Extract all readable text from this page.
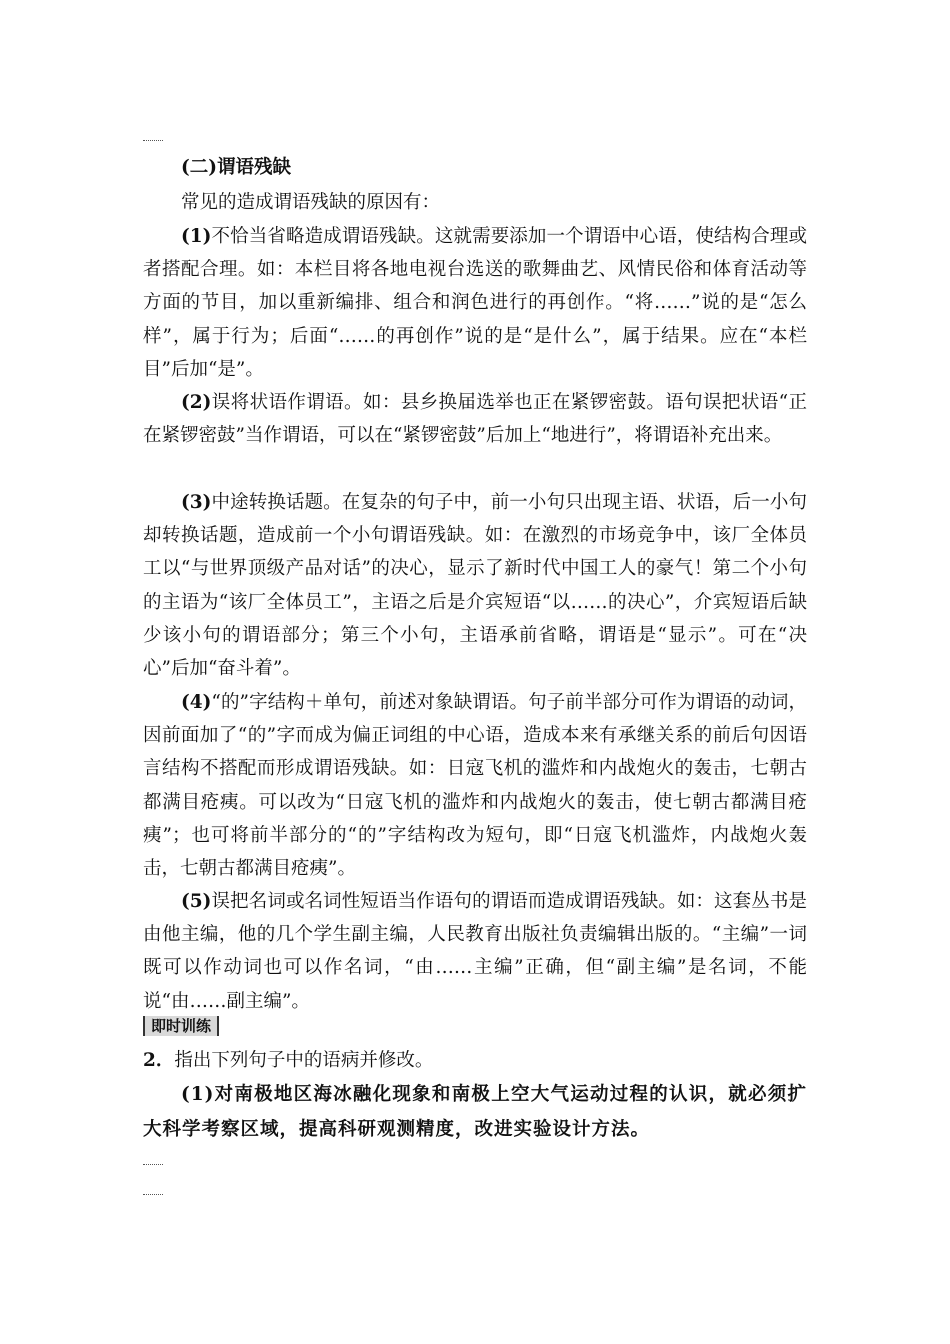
(二)谓语残缺

常见的造成谓语残缺的原因有：

(1)不恰当省略造成谓语残缺。这就需要添加一个谓语中心语，使结构合理或者搭配合理。如：本栏目将各地电视台选送的歌舞曲艺、风情民俗和体育活动等方面的节目，加以重新编排、组合和润色进行的再创作。“将……”说的是“怎么样”，属于行为；后面“……的再创作”说的是“是什么”，属于结果。应在“本栏目”后加“是”。

(2)误将状语作谓语。如：县乡换届选举也正在紧锣密鼓。语句误把状语“正在紧锣密鼓”当作谓语，可以在“紧锣密鼓”后加上“地进行”，将谓语补充出来。

(3)中途转换话题。在复杂的句子中，前一小句只出现主语、状语，后一小句却转换话题，造成前一个小句谓语残缺。如：在激烈的市场竞争中，该厂全体员工以“与世界顶级产品对话”的决心，显示了新时代中国工人的豪气！第二个小句的主语为“该厂全体员工”，主语之后是介宾短语“以……的决心”，介宾短语后缺少该小句的谓语部分；第三个小句，主语承前省略，谓语是“显示”。可在“决心”后加“奋斗着”。

(4)“的”字结构＋单句，前述对象缺谓语。句子前半部分可作为谓语的动词，因前面加了“的”字而成为偏正词组的中心语，造成本来有承继关系的前后句因语言结构不搭配而形成谓语残缺。如：日寇飞机的滥炸和内战炮火的轰击，七朝古都满目疮痍。可以改为“日寇飞机的滥炸和内战炮火的轰击，使七朝古都满目疮痍”；也可将前半部分的“的”字结构改为短句，即“日寇飞机滥炸，内战炮火轰击，七朝古都满目疮痍”。

(5)误把名词或名词性短语当作语句的谓语而造成谓语残缺。如：这套丛书是由他主编，他的几个学生副主编，人民教育出版社负责编辑出版的。“主编”一词既可以作动词也可以作名词，“由……主编”正确，但“副主编”是名词，不能说“由……副主编”。

即时训练

2．指出下列句子中的语病并修改。

(1)对南极地区海冰融化现象和南极上空大气运动过程的认识，就必须扩大科学考察区域，提高科研观测精度，改进实验设计方法。
